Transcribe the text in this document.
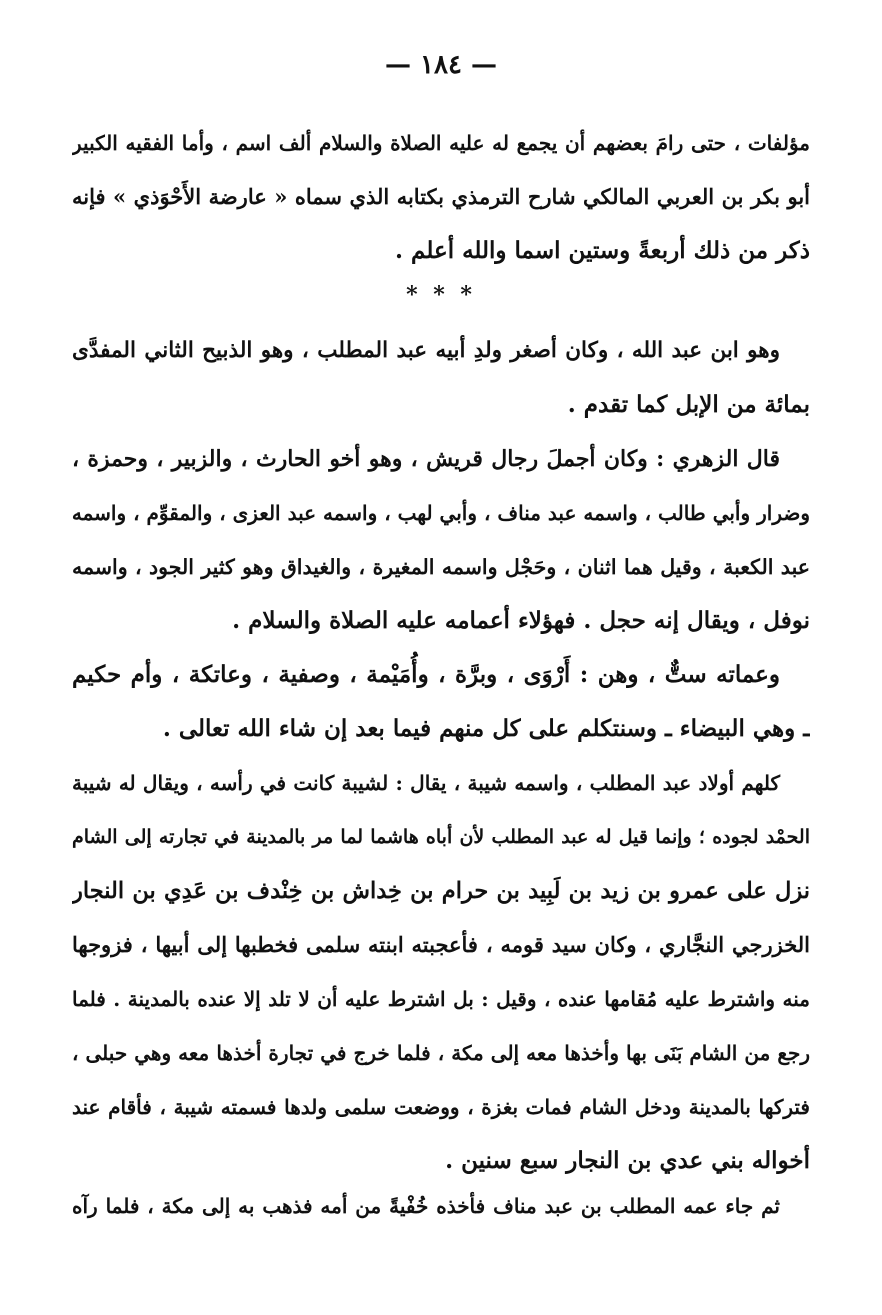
— ١٨٤ —
مؤلفات ، حتى رامَ بعضهم أن يجمع له عليه الصلاة والسلام ألف اسم ، وأما الفقيه الكبير
أبو بكر بن العربي المالكي شارح الترمذي بكتابه الذي سماه « عارضة الأَحْوَذي » فإنه
ذكر من ذلك أربعةً وستين اسما والله أعلم .
* * *
وهو ابن عبد الله ، وكان أصغر ولدِ أبيه عبد المطلب ، وهو الذبيح الثاني المفدَّى
بمائة من الإبل كما تقدم .
قال الزهري : وكان أجملَ رجال قريش ، وهو أخو الحارث ، والزبير ، وحمزة ،
وضرار وأبي طالب ، واسمه عبد مناف ، وأبي لهب ، واسمه عبد العزى ، والمقوِّم ، واسمه
عبد الكعبة ، وقيل هما اثنان ، وحَجْل واسمه المغيرة ، والغيداق وهو كثير الجود ، واسمه
نوفل ، ويقال إنه حجل . فهؤلاء أعمامه عليه الصلاة والسلام .
وعماته ستٌّ ، وهن : أَرْوَى ، وبرَّة ، وأُمَيْمة ، وصفية ، وعاتكة ، وأم حكيم
ـ وهي البيضاء ـ وسنتكلم على كل منهم فيما بعد إن شاء الله تعالى .
كلهم أولاد عبد المطلب ، واسمه شيبة ، يقال : لشيبة كانت في رأسه ، ويقال له شيبة
الحمْد لجوده ؛ وإنما قيل له عبد المطلب لأن أباه هاشما لما مر بالمدينة في تجارته إلى الشام
نزل على عمرو بن زيد بن لَبِيد بن حرام بن خِداش بن خِنْدف بن عَدِي بن النجار
الخزرجي النجَّاري ، وكان سيد قومه ، فأعجبته ابنته سلمى فخطبها إلى أبيها ، فزوجها
منه واشترط عليه مُقامها عنده ، وقيل : بل اشترط عليه أن لا تلد إلا عنده بالمدينة . فلما
رجع من الشام بَنَى بها وأخذها معه إلى مكة ، فلما خرج في تجارة أخذها معه وهي حبلى ،
فتركها بالمدينة ودخل الشام فمات بغزة ، ووضعت سلمى ولدها فسمته شيبة ، فأقام عند
أخواله بني عدي بن النجار سبع سنين .
ثم جاء عمه المطلب بن عبد مناف فأخذه خُفْيةً من أمه فذهب به إلى مكة ، فلما رآه
